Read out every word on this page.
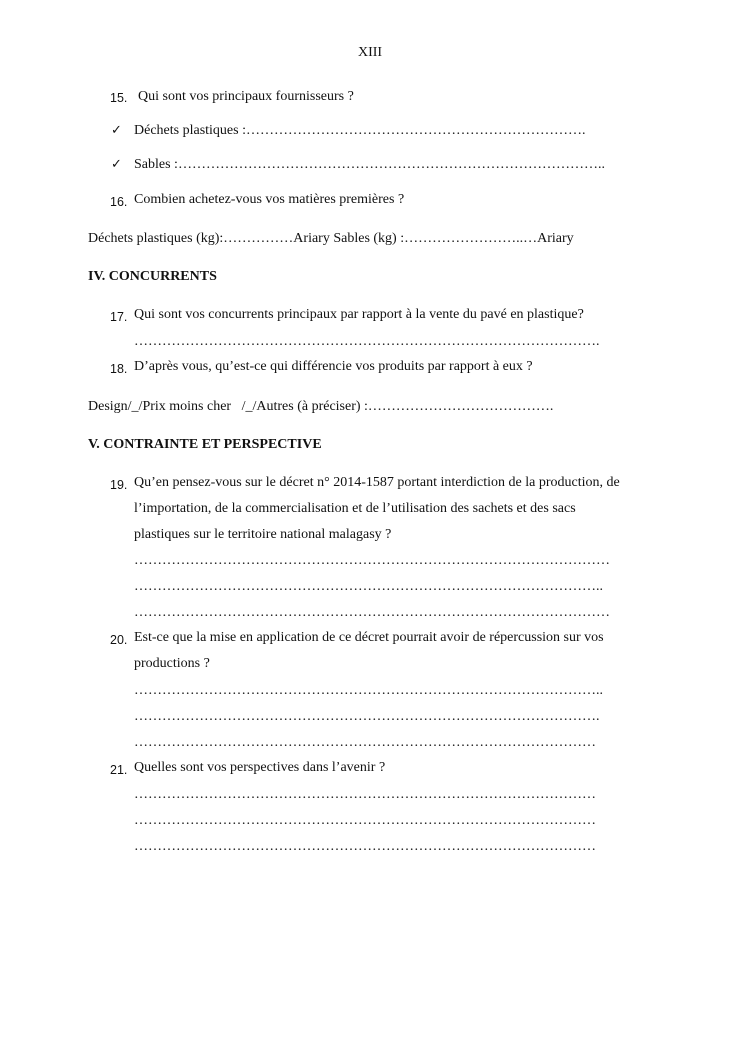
XIII
15. Qui sont vos principaux fournisseurs ?
✓ Déchets plastiques :……………………………………………………………….
✓ Sables :………………………………………………………………………………..
16. Combien achetez-vous vos matières premières ?
Déchets plastiques (kg):……………Ariary Sables (kg) :……………………..…Ariary
IV. CONCURRENTS
17. Qui sont vos concurrents principaux par rapport à la vente du pavé en plastique?
……………………………………………………………………………………….
18. D’après vous, qu’est-ce qui différencie vos produits par rapport à eux ?
Design/_/Prix moins cher   /_/Autres (à préciser) :………………………………….
V. CONTRAINTE ET PERSPECTIVE
19. Qu’en pensez-vous sur le décret n° 2014-1587 portant interdiction de la production, de
l’importation, de la commercialisation et de l’utilisation des sachets et des sacs
plastiques sur le territoire national malagasy ?
…………………………………………………………………………………………
………………………………………………………………………………………..
…………………………………………………………………………………………
20. Est-ce que la mise en application de ce décret pourrait avoir de répercussion sur vos
productions ?
………………………………………………………………………………………..
……………………………………………………………………………………….
………………………………………………………………………………………
21. Quelles sont vos perspectives dans l’avenir ?
………………………………………………………………………………………
………………………………………………………………………………………
………………………………………………………………………………………
